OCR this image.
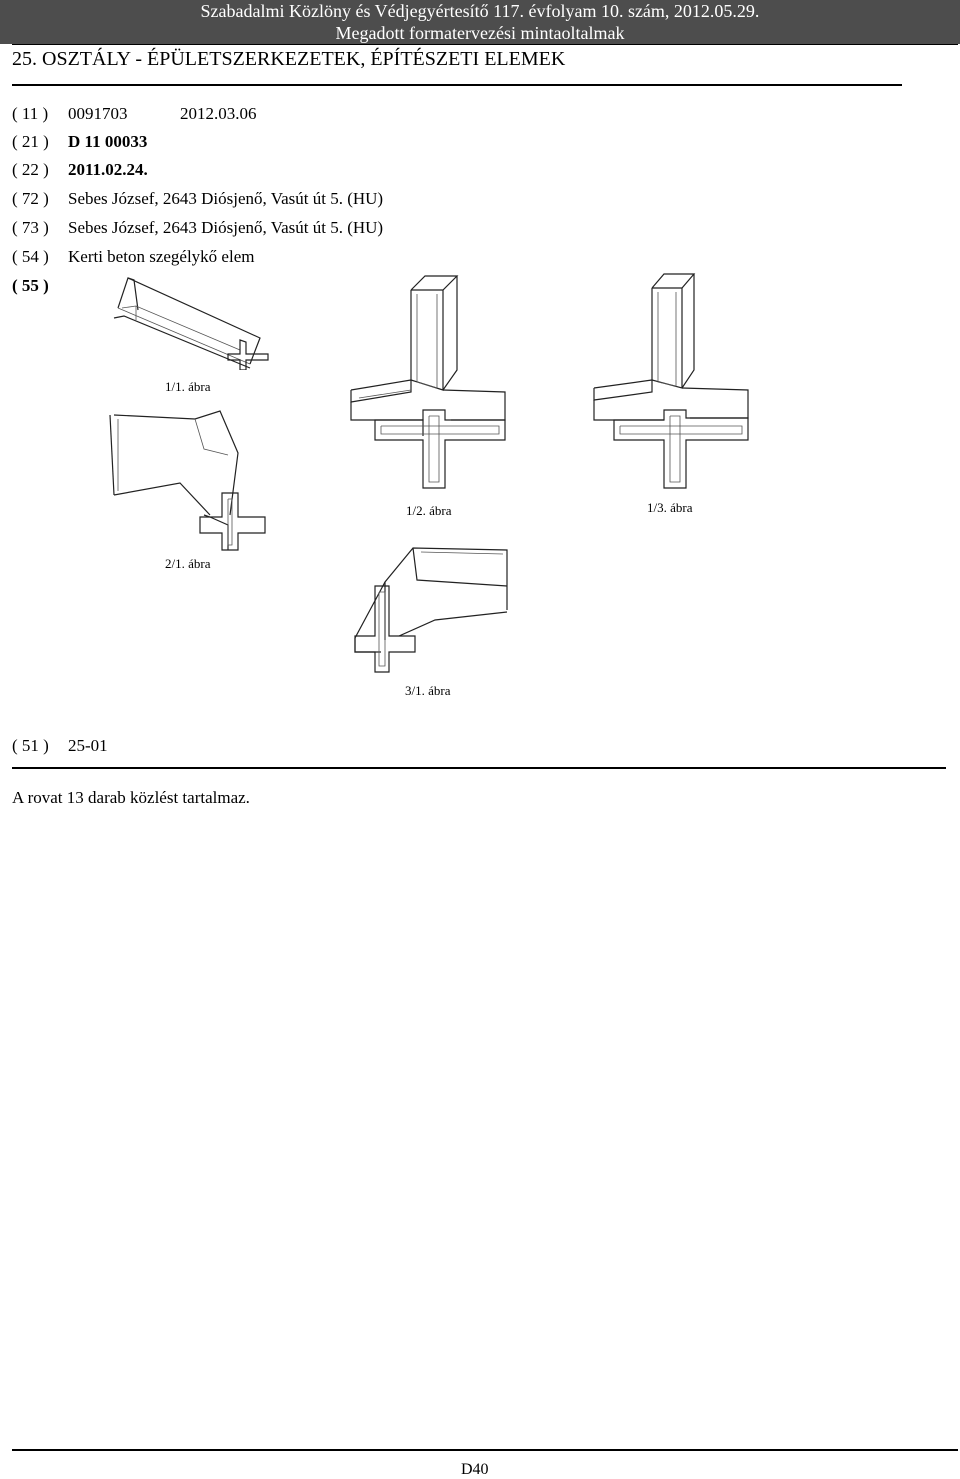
Szabadalmi Közlöny és Védjegyértesítő 117. évfolyam 10. szám, 2012.05.29.
Megadott formatervezési mintaoltalmak
25. OSZTÁLY - ÉPÜLETSZERKEZETEK, ÉPÍTÉSZETI ELEMEK
( 11 ) 0091703	2012.03.06
( 21 ) D 11 00033
( 22 ) 2011.02.24.
( 72 ) Sebes József, 2643 Diósjenő, Vasút út 5. (HU)
( 73 ) Sebes József, 2643 Diósjenő, Vasút út 5. (HU)
( 54 ) Kerti beton szegélykő elem
( 55 )
1/1. ábra
1/2. ábra	1/3. ábra
2/1. ábra
3/1. ábra
( 51 ) 25-01
A rovat 13 darab közlést tartalmaz.
D40
